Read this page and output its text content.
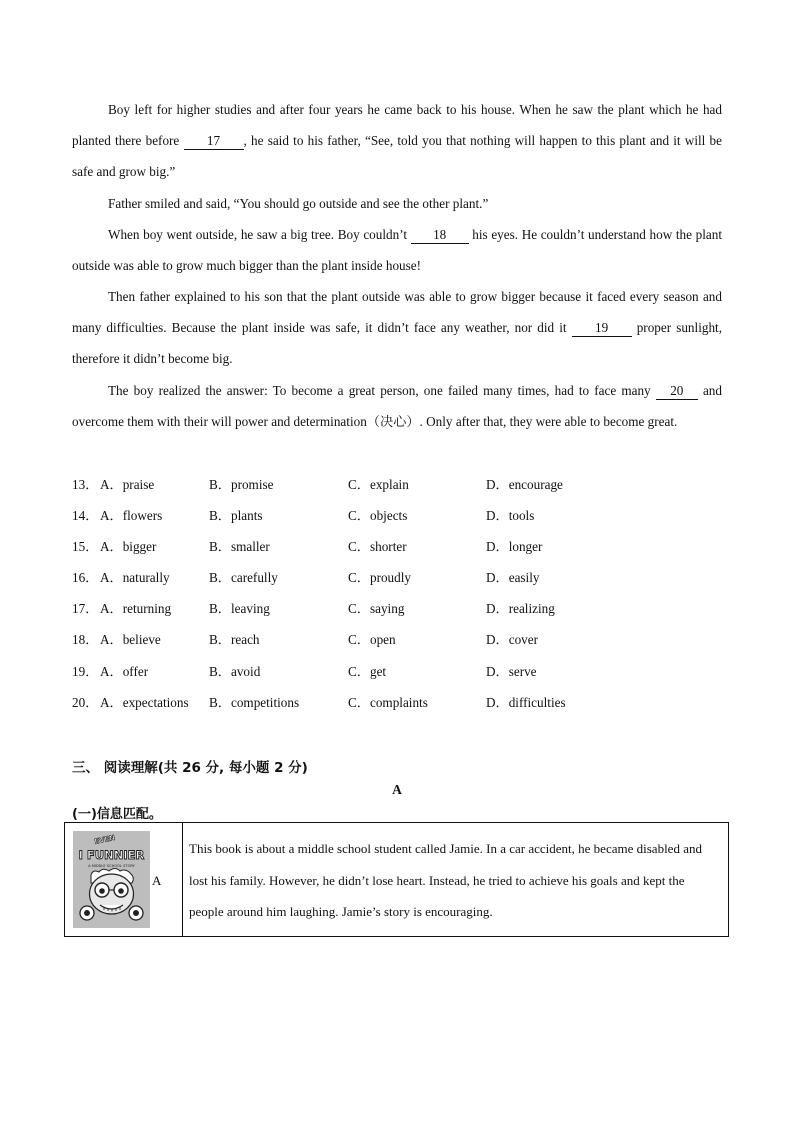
Boy left for higher studies and after four years he came back to his house. When he saw the plant which he had planted there before 17 , he said to his father, “See, told you that nothing will happen to this plant and it will be safe and grow big.”
Father smiled and said, “You should go outside and see the other plant.”
When boy went outside, he saw a big tree. Boy couldn’t 18 his eyes. He couldn’t understand how the plant outside was able to grow much bigger than the plant inside house!
Then father explained to his son that the plant outside was able to grow bigger because it faced every season and many difficulties. Because the plant inside was safe, it didn’t face any weather, nor did it 19 proper sunlight, therefore it didn’t become big.
The boy realized the answer: To become a great person, one failed many times, had to face many 20 and overcome them with their will power and determination（决心）. Only after that, they were able to become great.
13． A．praise	B．promise	C．explain	D．encourage
14． A．flowers	B．plants	C．objects	D．tools
15． A．bigger	B．smaller	C．shorter	D．longer
16． A．naturally	B．carefully	C．proudly	D．easily
17． A．returning	B．leaving	C．saying	D．realizing
18． A．believe	B．reach	C．open	D．cover
19． A．offer	B．avoid	C．get	D．serve
20． A．expectations B．competitions	C．complaints	D．difficulties
三、 阅读理解(共 26 分, 每小题 2 分)
A
(一)信息匹配。
EVEN
I FUNNIER
A MIDDLE SCHOOL STORY
A
This book is about a middle school student called Jamie. In a car accident, he became disabled and lost his family. However, he didn’t lose heart. Instead, he tried to achieve his goals and kept the people around him laughing. Jamie’s story is encouraging.
